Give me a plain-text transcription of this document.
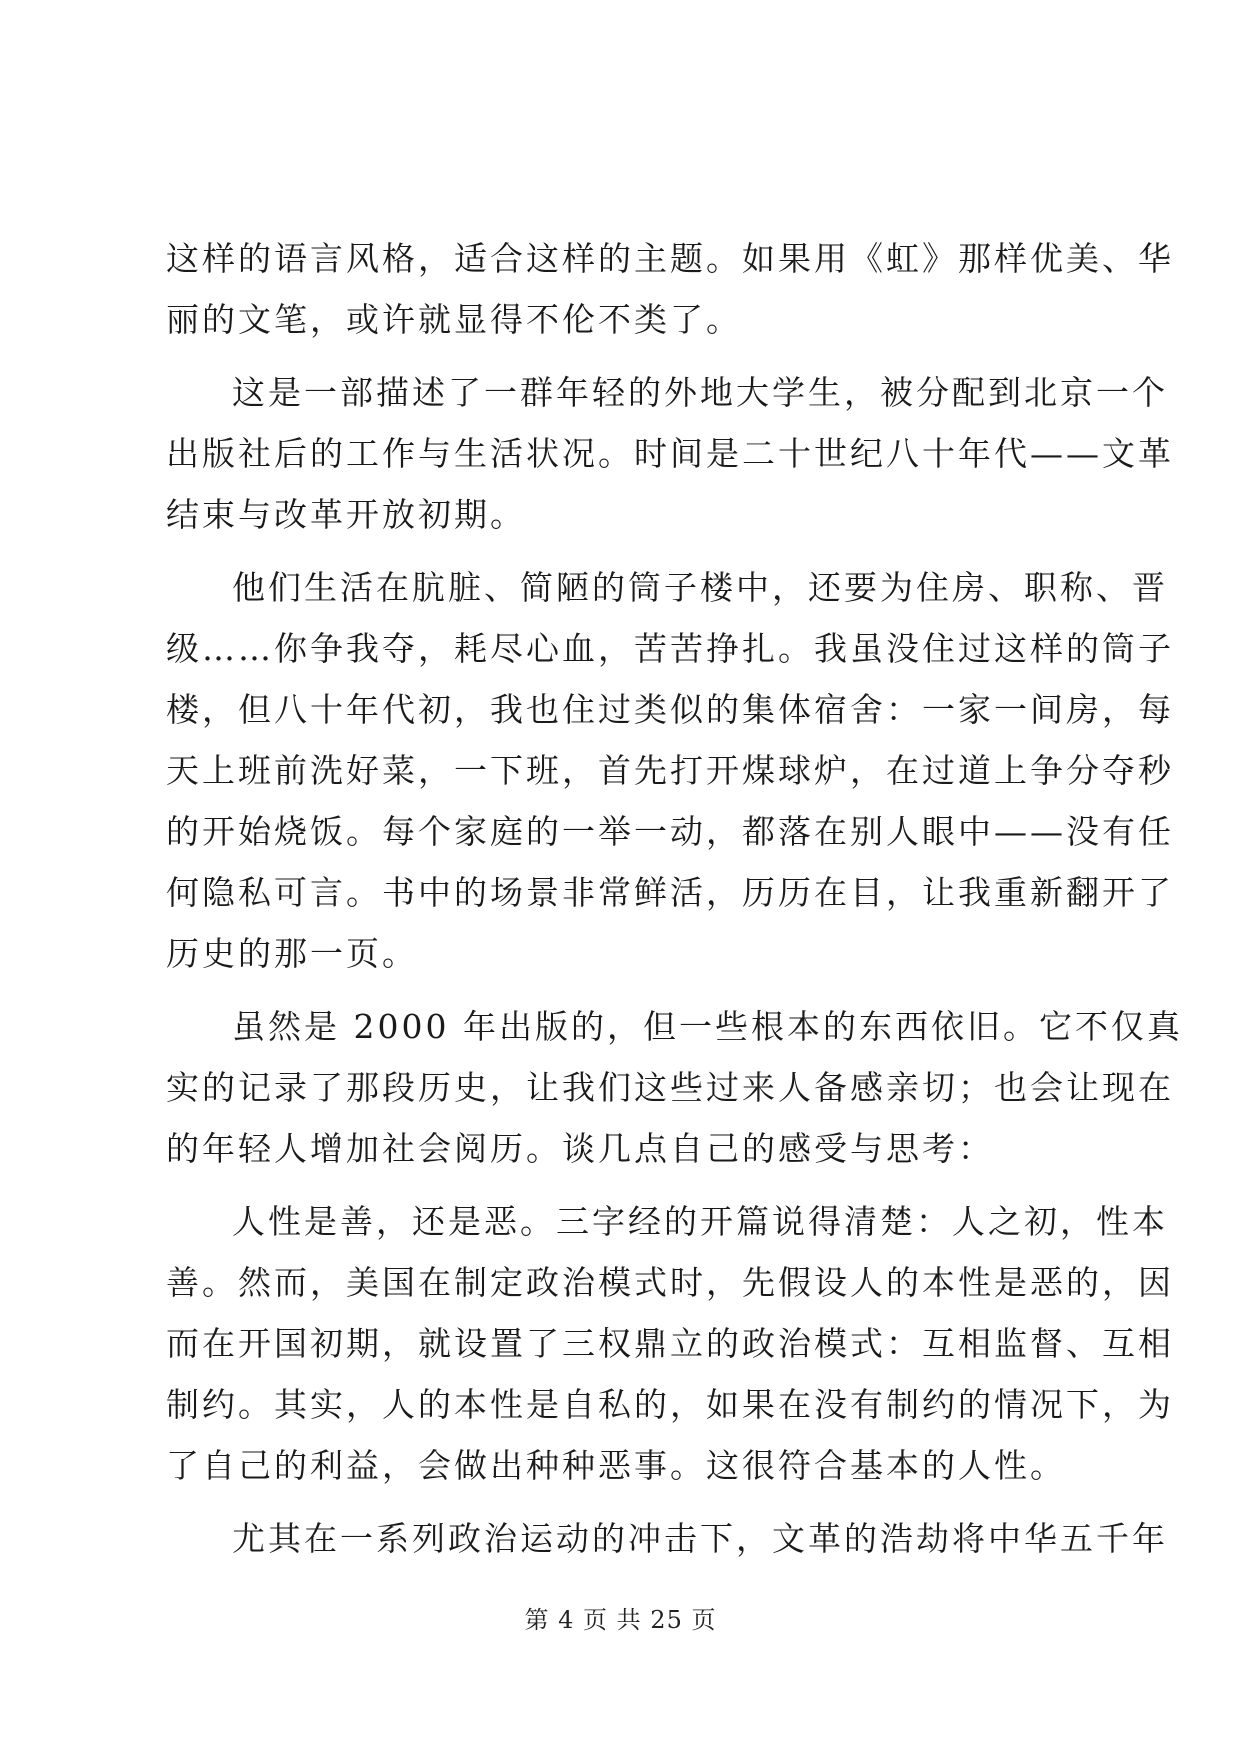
这样的语言风格，适合这样的主题。如果用《虹》那样优美、华
丽的文笔，或许就显得不伦不类了。
这是一部描述了一群年轻的外地大学生，被分配到北京一个
出版社后的工作与生活状况。时间是二十世纪八十年代——文革
结束与改革开放初期。
他们生活在肮脏、简陋的筒子楼中，还要为住房、职称、晋
级……你争我夺，耗尽心血，苦苦挣扎。我虽没住过这样的筒子
楼，但八十年代初，我也住过类似的集体宿舍：一家一间房，每
天上班前洗好菜，一下班，首先打开煤球炉，在过道上争分夺秒
的开始烧饭。每个家庭的一举一动，都落在别人眼中——没有任
何隐私可言。书中的场景非常鲜活，历历在目，让我重新翻开了
历史的那一页。
虽然是 2000 年出版的，但一些根本的东西依旧。它不仅真
实的记录了那段历史，让我们这些过来人备感亲切；也会让现在
的年轻人增加社会阅历。谈几点自己的感受与思考：
人性是善，还是恶。三字经的开篇说得清楚：人之初，性本
善。然而，美国在制定政治模式时，先假设人的本性是恶的，因
而在开国初期，就设置了三权鼎立的政治模式：互相监督、互相
制约。其实，人的本性是自私的，如果在没有制约的情况下，为
了自己的利益，会做出种种恶事。这很符合基本的人性。
尤其在一系列政治运动的冲击下，文革的浩劫将中华五千年
第 4 页 共 25 页
